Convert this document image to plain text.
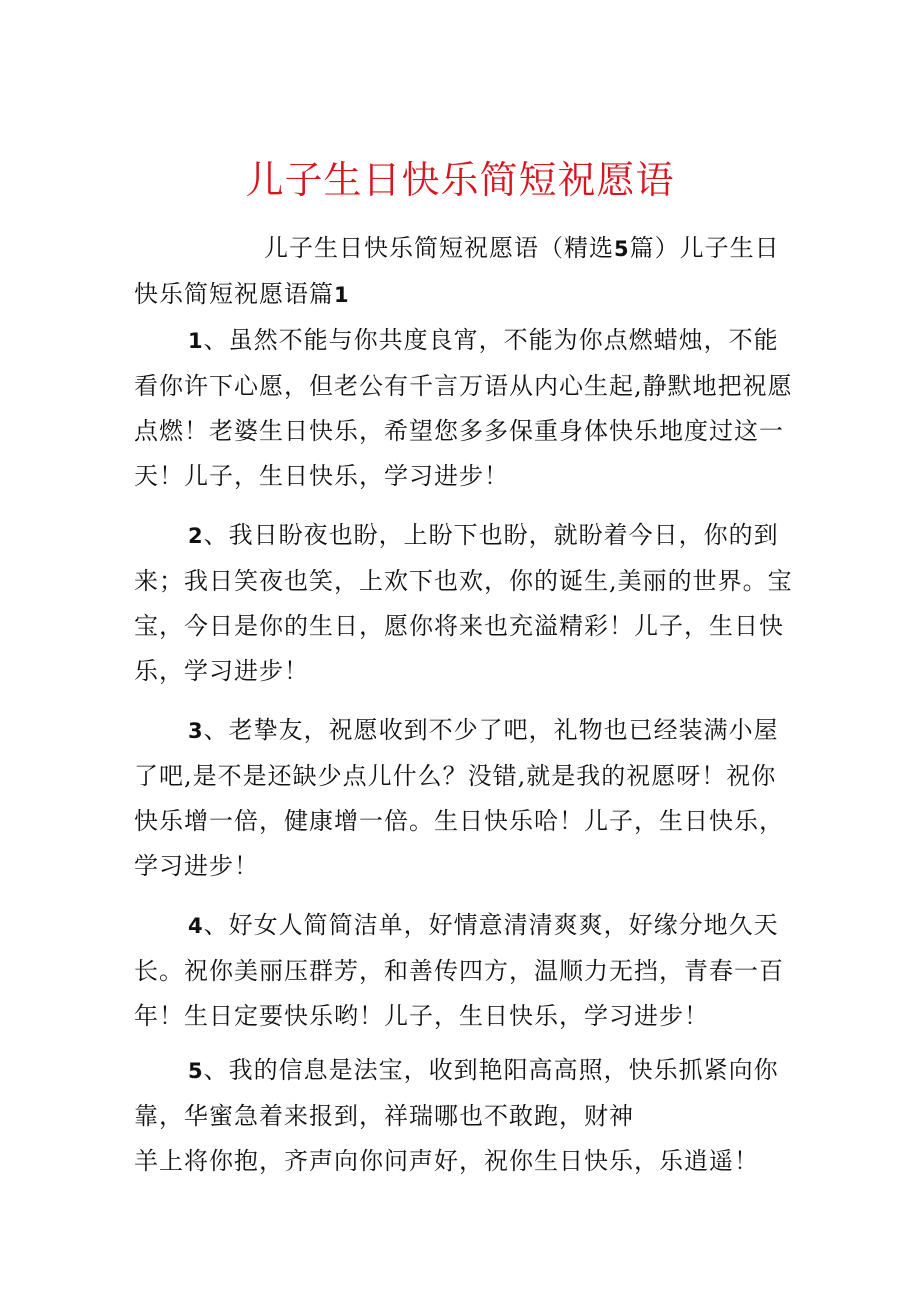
儿子生日快乐简短祝愿语
儿子生日快乐简短祝愿语（精选5篇）儿子生日快乐简短祝愿语篇1
1、虽然不能与你共度良宵，不能为你点燃蜡烛，不能看你许下心愿，但老公有千言万语从内心生起,静默地把祝愿点燃！老婆生日快乐，希望您多多保重身体快乐地度过这一天！儿子，生日快乐，学习进步！
2、我日盼夜也盼，上盼下也盼，就盼着今日，你的到来；我日笑夜也笑，上欢下也欢，你的诞生,美丽的世界。宝宝，今日是你的生日，愿你将来也充溢精彩！儿子，生日快乐，学习进步！
3、老挚友，祝愿收到不少了吧，礼物也已经装满小屋了吧,是不是还缺少点儿什么？没错,就是我的祝愿呀！祝你快乐增一倍，健康增一倍。生日快乐哈！儿子，生日快乐，学习进步！
4、好女人简简洁单，好情意清清爽爽，好缘分地久天长。祝你美丽压群芳，和善传四方，温顺力无挡，青春一百年！生日定要快乐哟！儿子，生日快乐，学习进步！
5、我的信息是法宝，收到艳阳高高照，快乐抓紧向你靠，华蜜急着来报到，祥瑞哪也不敢跑，财神
羊上将你抱，齐声向你问声好，祝你生日快乐，乐逍遥！
